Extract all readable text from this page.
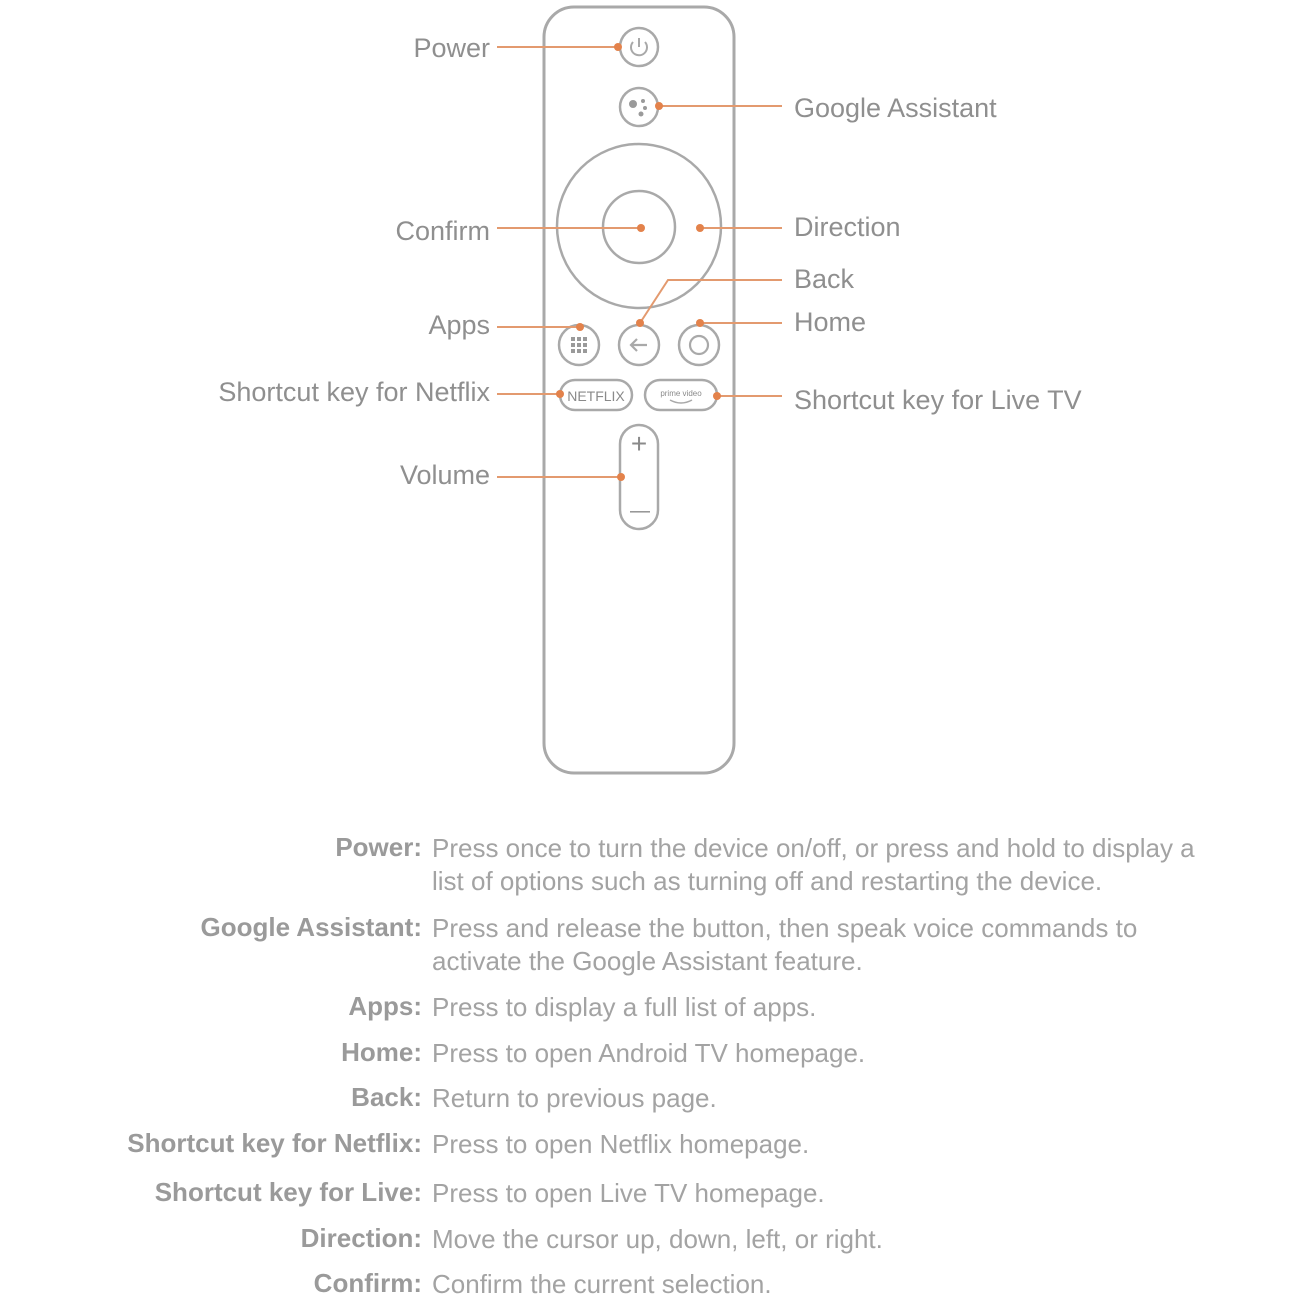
NETFLIX	prime video
+
—
Power
Google Assistant
Confirm	Direction
Back
Apps	Home
Shortcut key for Netflix	Shortcut key for Live TV
Volume
Power: Press once to turn the device on/off, or press and hold to display a list of options such as turning off and restarting the device.
Google Assistant: Press and release the button, then speak voice commands to activate the Google Assistant feature.
Apps: Press to display a full list of apps.
Home: Press to open Android TV homepage.
Back: Return to previous page.
Shortcut key for Netflix: Press to open Netflix homepage.
Shortcut key for Live: Press to open Live TV homepage.
Direction: Move the cursor up, down, left, or right.
Confirm: Confirm the current selection.
